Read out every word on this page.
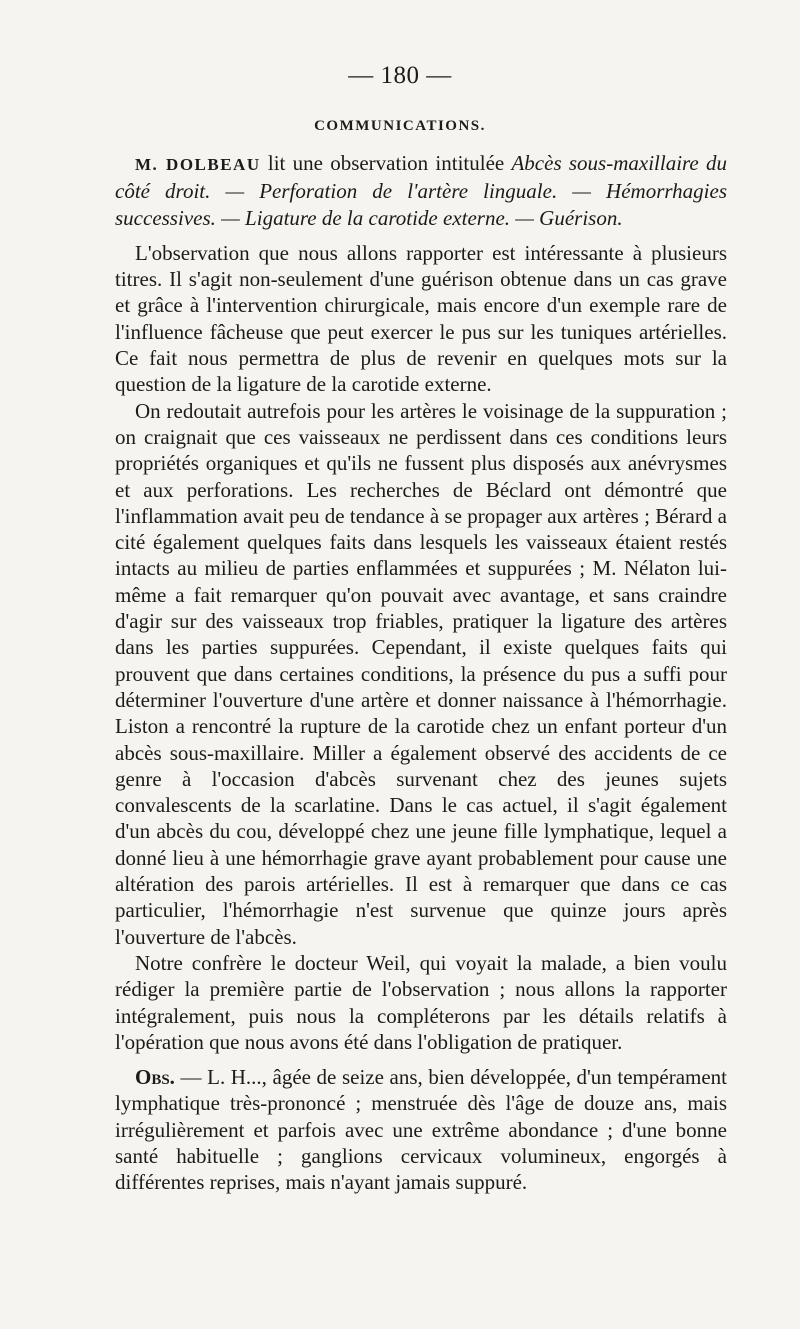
— 180 —
COMMUNICATIONS.

M. DOLBEAU lit une observation intitulée Abcès sous-maxillaire du côté droit. — Perforation de l'artère linguale. — Hémorrhagies successives. — Ligature de la carotide externe. — Guérison.

L'observation que nous allons rapporter est intéressante à plusieurs titres. Il s'agit non-seulement d'une guérison obtenue dans un cas grave et grâce à l'intervention chirurgicale, mais encore d'un exemple rare de l'influence fâcheuse que peut exercer le pus sur les tuniques artérielles. Ce fait nous permettra de plus de revenir en quelques mots sur la question de la ligature de la carotide externe.

On redoutait autrefois pour les artères le voisinage de la suppuration ; on craignait que ces vaisseaux ne perdissent dans ces conditions leurs propriétés organiques et qu'ils ne fussent plus disposés aux anévrysmes et aux perforations. Les recherches de Béclard ont démontré que l'inflammation avait peu de tendance à se propager aux artères ; Bérard a cité également quelques faits dans lesquels les vaisseaux étaient restés intacts au milieu de parties enflammées et suppurées ; M. Nélaton lui-même a fait remarquer qu'on pouvait avec avantage, et sans craindre d'agir sur des vaisseaux trop friables, pratiquer la ligature des artères dans les parties suppurées. Cependant, il existe quelques faits qui prouvent que dans certaines conditions, la présence du pus a suffi pour déterminer l'ouverture d'une artère et donner naissance à l'hémorrhagie. Liston a rencontré la rupture de la carotide chez un enfant porteur d'un abcès sous-maxillaire. Miller a également observé des accidents de ce genre à l'occasion d'abcès survenant chez des jeunes sujets convalescents de la scarlatine. Dans le cas actuel, il s'agit également d'un abcès du cou, développé chez une jeune fille lymphatique, lequel a donné lieu à une hémorrhagie grave ayant probablement pour cause une altération des parois artérielles. Il est à remarquer que dans ce cas particulier, l'hémorrhagie n'est survenue que quinze jours après l'ouverture de l'abcès.

Notre confrère le docteur Weil, qui voyait la malade, a bien voulu rédiger la première partie de l'observation ; nous allons la rapporter intégralement, puis nous la compléterons par les détails relatifs à l'opération que nous avons été dans l'obligation de pratiquer.

Obs. — L. H..., âgée de seize ans, bien développée, d'un tempérament lymphatique très-prononcé ; menstruée dès l'âge de douze ans, mais irrégulièrement et parfois avec une extrême abondance ; d'une bonne santé habituelle ; ganglions cervicaux volumineux, engorgés à différentes reprises, mais n'ayant jamais suppuré.
